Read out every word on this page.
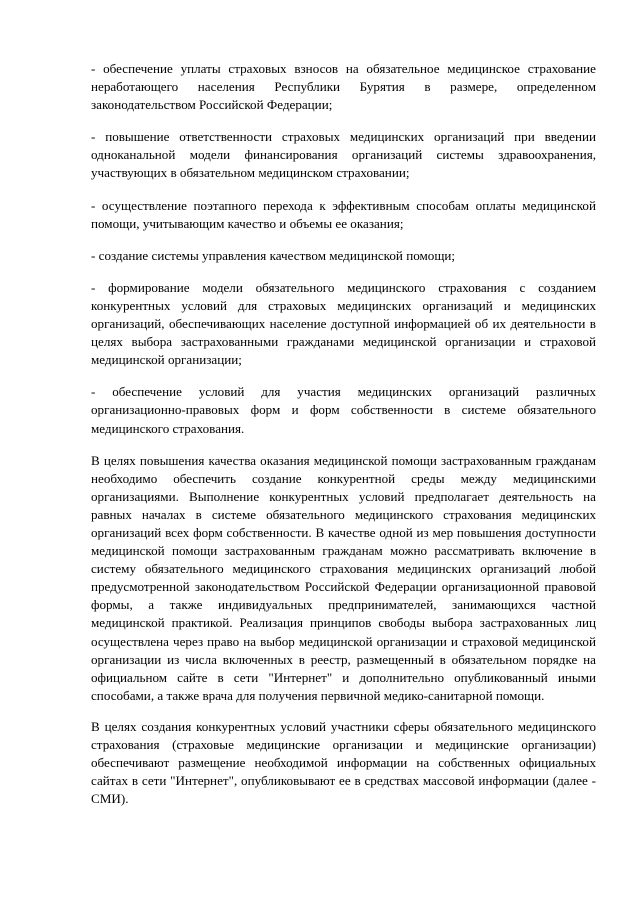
- обеспечение уплаты страховых взносов на обязательное медицинское страхование неработающего населения Республики Бурятия в размере, определенном законодательством Российской Федерации;

- повышение ответственности страховых медицинских организаций при введении одноканальной модели финансирования организаций системы здравоохранения, участвующих в обязательном медицинском страховании;

- осуществление поэтапного перехода к эффективным способам оплаты медицинской помощи, учитывающим качество и объемы ее оказания;

- создание системы управления качеством медицинской помощи;

- формирование модели обязательного медицинского страхования с созданием конкурентных условий для страховых медицинских организаций и медицинских организаций, обеспечивающих население доступной информацией об их деятельности в целях выбора застрахованными гражданами медицинской организации и страховой медицинской организации;

- обеспечение условий для участия медицинских организаций различных организационно-правовых форм и форм собственности в системе обязательного медицинского страхования.

В целях повышения качества оказания медицинской помощи застрахованным гражданам необходимо обеспечить создание конкурентной среды между медицинскими организациями. Выполнение конкурентных условий предполагает деятельность на равных началах в системе обязательного медицинского страхования медицинских организаций всех форм собственности. В качестве одной из мер повышения доступности медицинской помощи застрахованным гражданам можно рассматривать включение в систему обязательного медицинского страхования медицинских организаций любой предусмотренной законодательством Российской Федерации организационной правовой формы, а также индивидуальных предпринимателей, занимающихся частной медицинской практикой. Реализация принципов свободы выбора застрахованных лиц осуществлена через право на выбор медицинской организации и страховой медицинской организации из числа включенных в реестр, размещенный в обязательном порядке на официальном сайте в сети "Интернет" и дополнительно опубликованный иными способами, а также врача для получения первичной медико-санитарной помощи.

В целях создания конкурентных условий участники сферы обязательного медицинского страхования (страховые медицинские организации и медицинские организации) обеспечивают размещение необходимой информации на собственных официальных сайтах в сети "Интернет", опубликовывают ее в средствах массовой информации (далее - СМИ).
